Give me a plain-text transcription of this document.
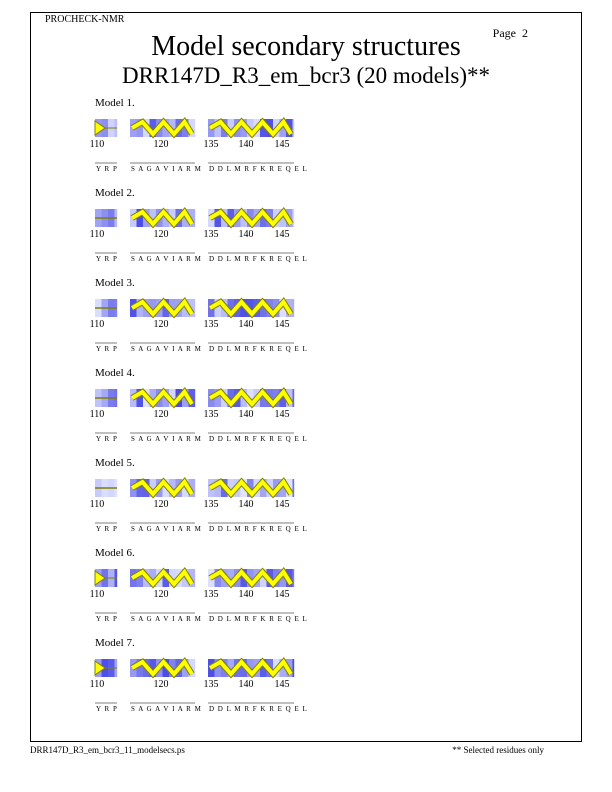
PROCHECK-NMR
Page 2
Model secondary structures
DRR147D_R3_em_bcr3 (20 models)**
Model 1.
Y R P S A G A V I A R M D D L M R F K R E Q E L
110	120	135 140 145
Model 2.
Y R P S A G A V I A R M D D L M R F K R E Q E L
110	120	135 140 145
Model 3.
Y R P S A G A V I A R M D D L M R F K R E Q E L
110	120	135 140 145
Model 4.
Y R P S A G A V I A R M D D L M R F K R E Q E L
110	120	135 140 145
Model 5.
Y R P S A G A V I A R M D D L M R F K R E Q E L
110	120	135 140 145
Model 6.
Y R P S A G A V I A R M D D L M R F K R E Q E L
110	120	135 140 145
Model 7.
Y R P S A G A V I A R M D D L M R F K R E Q E L
110	120	135 140 145
DRR147D_R3_em_bcr3_11_modelsecs.ps	** Selected residues only
